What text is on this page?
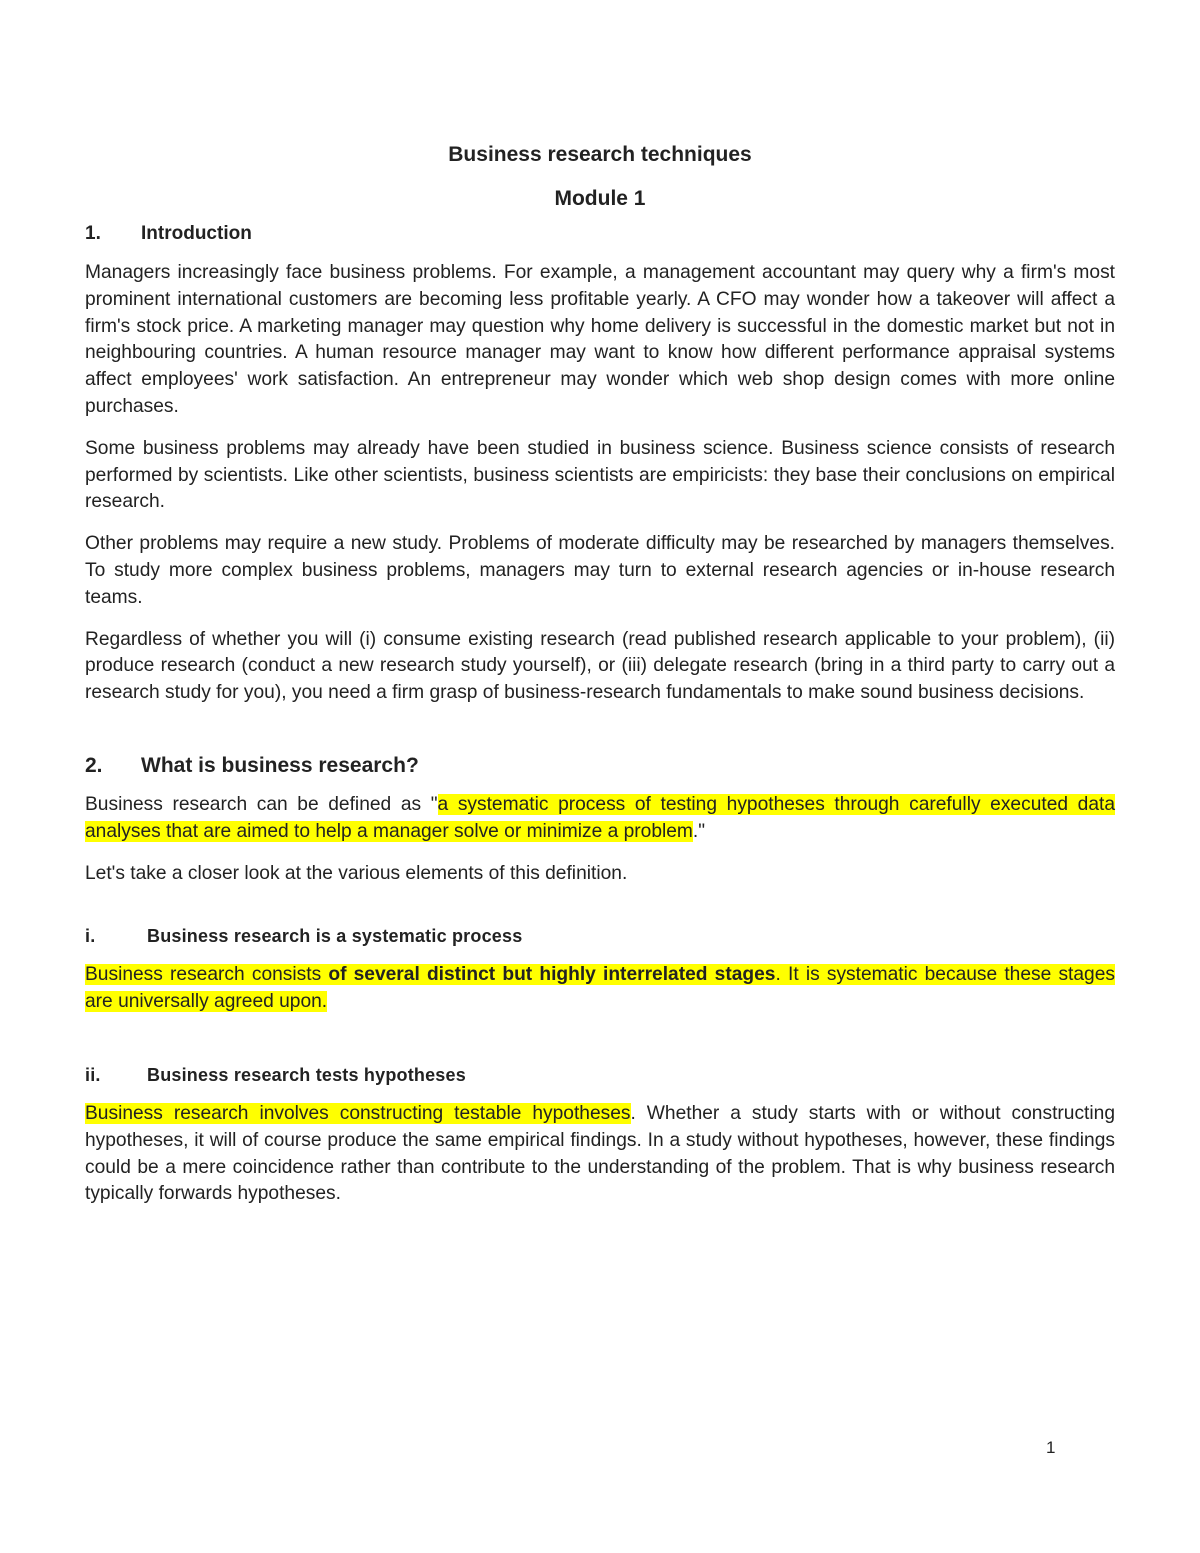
Business research techniques
Module 1
1.	Introduction

Managers increasingly face business problems. For example, a management accountant may query why a firm's most prominent international customers are becoming less profitable yearly. A CFO may wonder how a takeover will affect a firm's stock price. A marketing manager may question why home delivery is successful in the domestic market but not in neighbouring countries. A human resource manager may want to know how different performance appraisal systems affect employees' work satisfaction. An entrepreneur may wonder which web shop design comes with more online purchases.

Some business problems may already have been studied in business science. Business science consists of research performed by scientists. Like other scientists, business scientists are empiricists: they base their conclusions on empirical research.

Other problems may require a new study. Problems of moderate difficulty may be researched by managers themselves. To study more complex business problems, managers may turn to external research agencies or in-house research teams.

Regardless of whether you will (i) consume existing research (read published research applicable to your problem), (ii) produce research (conduct a new research study yourself), or (iii) delegate research (bring in a third party to carry out a research study for you), you need a firm grasp of business-research fundamentals to make sound business decisions.

2.	What is business research?

Business research can be defined as "a systematic process of testing hypotheses through carefully executed data analyses that are aimed to help a manager solve or minimize a problem."

Let's take a closer look at the various elements of this definition.

i.	Business research is a systematic process

Business research consists of several distinct but highly interrelated stages. It is systematic because these stages are universally agreed upon.

ii.	Business research tests hypotheses

Business research involves constructing testable hypotheses. Whether a study starts with or without constructing hypotheses, it will of course produce the same empirical findings. In a study without hypotheses, however, these findings could be a mere coincidence rather than contribute to the understanding of the problem. That is why business research typically forwards hypotheses.

1
